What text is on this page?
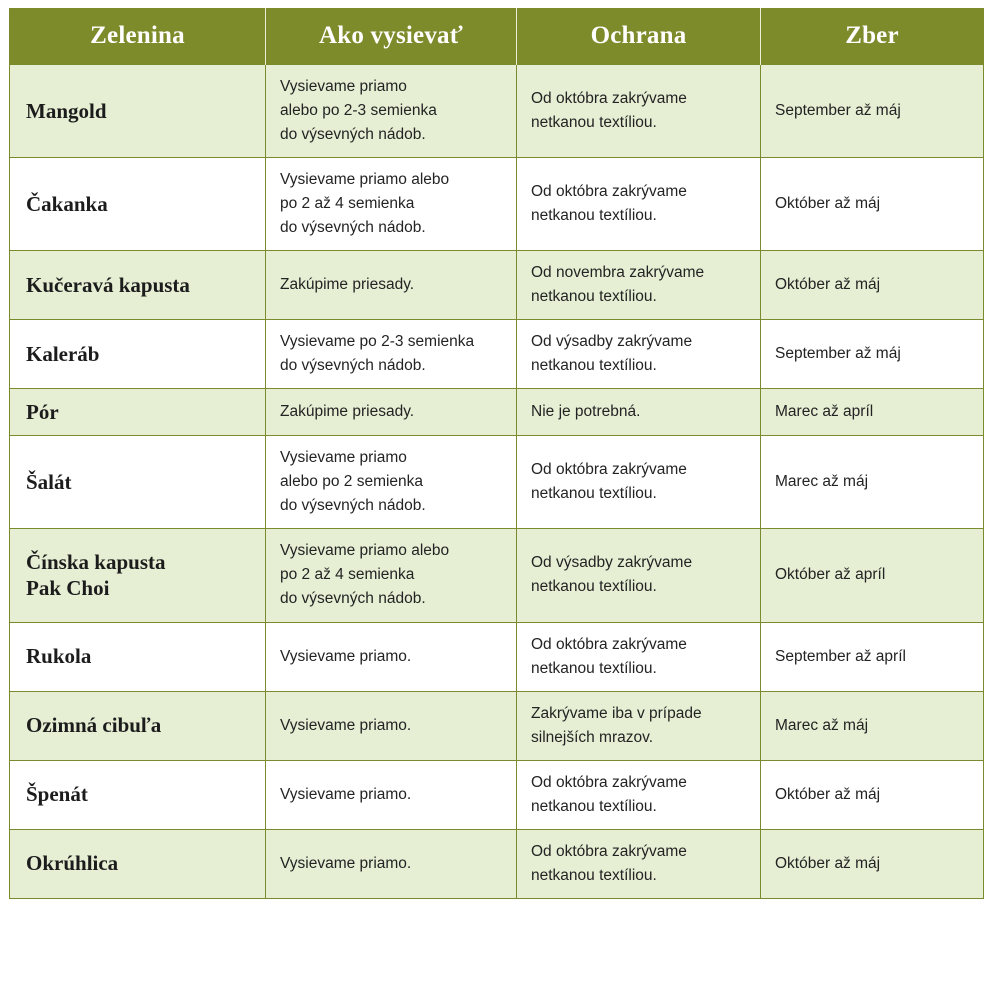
Zelenina	Ako vysievať	Ochrana	Zber

Mangold	Vysievame priamo
alebo po 2-3 semienka
do výsevných nádob.	Od októbra zakrývame
netkanou textíliou.	September až máj

Čakanka	Vysievame priamo alebo
po 2 až 4 semienka
do výsevných nádob.	Od októbra zakrývame
netkanou textíliou.	Október až máj

Kučeravá kapusta	Zakúpime priesady.	Od novembra zakrývame
netkanou textíliou.	Október až máj

Kaleráb	Vysievame po 2-3 semienka
do výsevných nádob.	Od výsadby zakrývame
netkanou textíliou.	September až máj

Pór	Zakúpime priesady.	Nie je potrebná.	Marec až apríl

Šalát	Vysievame priamo
alebo po 2 semienka
do výsevných nádob.	Od októbra zakrývame
netkanou textíliou.	Marec až máj

Čínska kapusta
Pak Choi	Vysievame priamo alebo
po 2 až 4 semienka
do výsevných nádob.	Od výsadby zakrývame
netkanou textíliou.	Október až apríl

Rukola	Vysievame priamo.	Od októbra zakrývame
netkanou textíliou.	September až apríl

Ozimná cibuľa	Vysievame priamo.	Zakrývame iba v prípade
silnejších mrazov.	Marec až máj

Špenát	Vysievame priamo.	Od októbra zakrývame
netkanou textíliou.	Október až máj

Okrúhlica	Vysievame priamo.	Od októbra zakrývame
netkanou textíliou.	Október až máj
